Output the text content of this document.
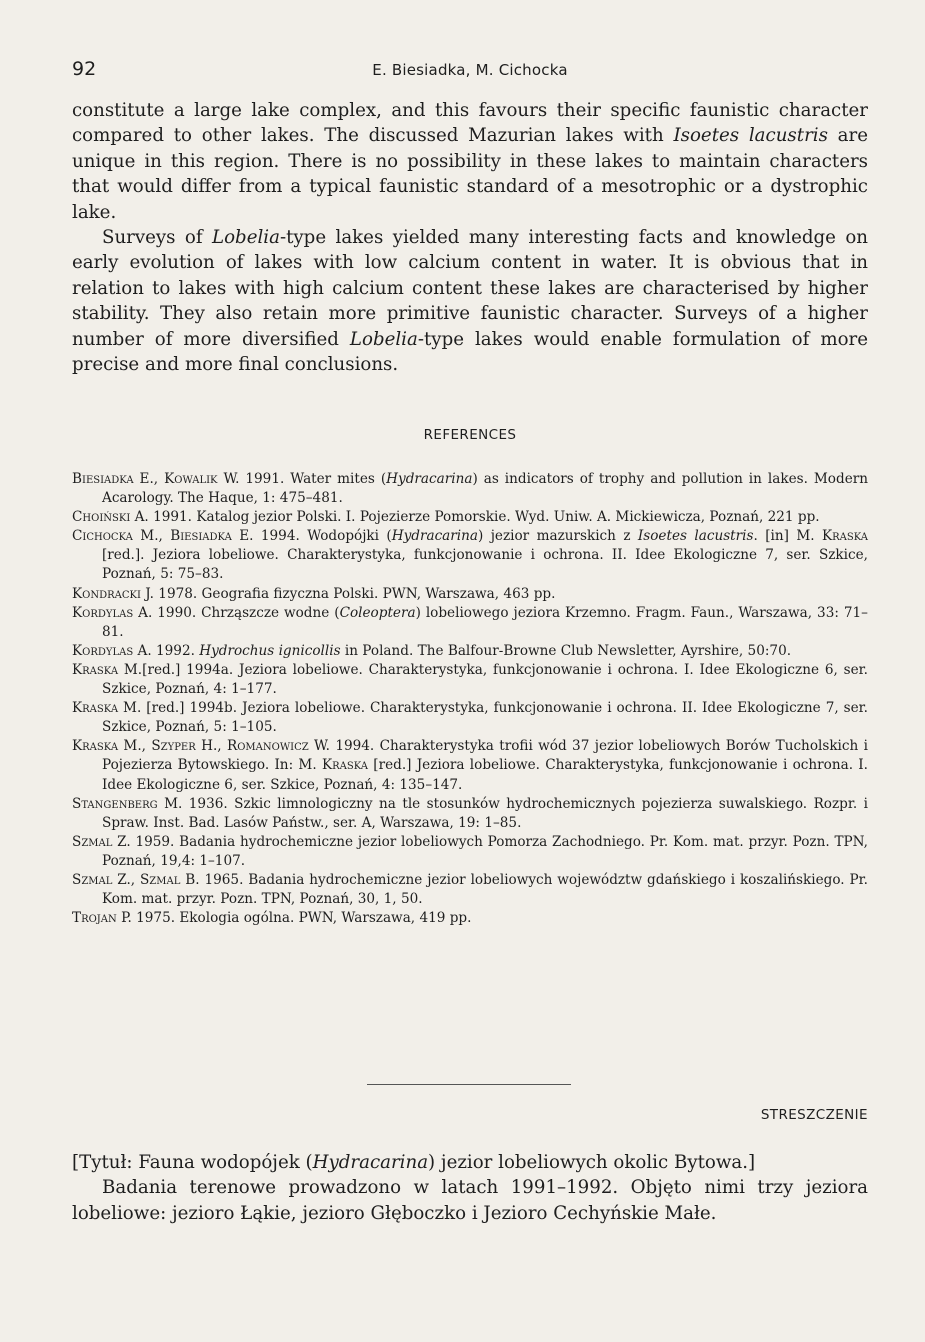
92	E. Biesiadka, M. Cichocka

constitute a large lake complex, and this favours their specific faunistic character compared to other lakes. The discussed Mazurian lakes with Isoetes lacustris are unique in this region. There is no possibility in these lakes to maintain characters that would differ from a typical faunistic standard of a mesotrophic or a dystrophic lake.

Surveys of Lobelia-type lakes yielded many interesting facts and knowledge on early evolution of lakes with low calcium content in water. It is obvious that in relation to lakes with high calcium content these lakes are characterised by higher stability. They also retain more primitive faunistic character. Surveys of a higher number of more diversified Lobelia-type lakes would enable formulation of more precise and more final conclusions.

REFERENCES
Biesiadka E., Kowalik W. 1991. Water mites (Hydracarina) as indicators of trophy and pollution in lakes. Modern Acarology. The Haque, 1: 475–481.
Choiński A. 1991. Katalog jezior Polski. I. Pojezierze Pomorskie. Wyd. Uniw. A. Mickiewicza, Poznań, 221 pp.
Cichocka M., Biesiadka E. 1994. Wodopójki (Hydracarina) jezior mazurskich z Isoetes lacustris. [in] M. Kraska [red.]. Jeziora lobeliowe. Charakterystyka, funkcjonowanie i ochrona. II. Idee Ekologiczne 7, ser. Szkice, Poznań, 5: 75–83.
Kondracki J. 1978. Geografia fizyczna Polski. PWN, Warszawa, 463 pp.
Kordylas A. 1990. Chrząszcze wodne (Coleoptera) lobeliowego jeziora Krzemno. Fragm. Faun., Warszawa, 33: 71–81.
Kordylas A. 1992. Hydrochus ignicollis in Poland. The Balfour-Browne Club Newsletter, Ayrshire, 50:70.
Kraska M.[red.] 1994a. Jeziora lobeliowe. Charakterystyka, funkcjonowanie i ochrona. I. Idee Ekologiczne 6, ser. Szkice, Poznań, 4: 1–177.
Kraska M. [red.] 1994b. Jeziora lobeliowe. Charakterystyka, funkcjonowanie i ochrona. II. Idee Ekologiczne 7, ser. Szkice, Poznań, 5: 1–105.
Kraska M., Szyper H., Romanowicz W. 1994. Charakterystyka trofii wód 37 jezior lobeliowych Borów Tucholskich i Pojezierza Bytowskiego. In: M. Kraska [red.] Jeziora lobeliowe. Charakterystyka, funkcjonowanie i ochrona. I. Idee Ekologiczne 6, ser. Szkice, Poznań, 4: 135–147.
Stangenberg M. 1936. Szkic limnologiczny na tle stosunków hydrochemicznych pojezierza suwalskiego. Rozpr. i Spraw. Inst. Bad. Lasów Państw., ser. A, Warszawa, 19: 1–85.
Szmal Z. 1959. Badania hydrochemiczne jezior lobeliowych Pomorza Zachodniego. Pr. Kom. mat. przyr. Pozn. TPN, Poznań, 19,4: 1–107.
Szmal Z., Szmal B. 1965. Badania hydrochemiczne jezior lobeliowych województw gdańskiego i koszalińskiego. Pr. Kom. mat. przyr. Pozn. TPN, Poznań, 30, 1, 50.
Trojan P. 1975. Ekologia ogólna. PWN, Warszawa, 419 pp.
STRESZCZENIE

[Tytuł: Fauna wodopójek (Hydracarina) jezior lobeliowych okolic Bytowa.]

Badania terenowe prowadzono w latach 1991–1992. Objęto nimi trzy jeziora lobeliowe: jezioro Łąkie, jezioro Głęboczko i Jezioro Cechyńskie Małe.
